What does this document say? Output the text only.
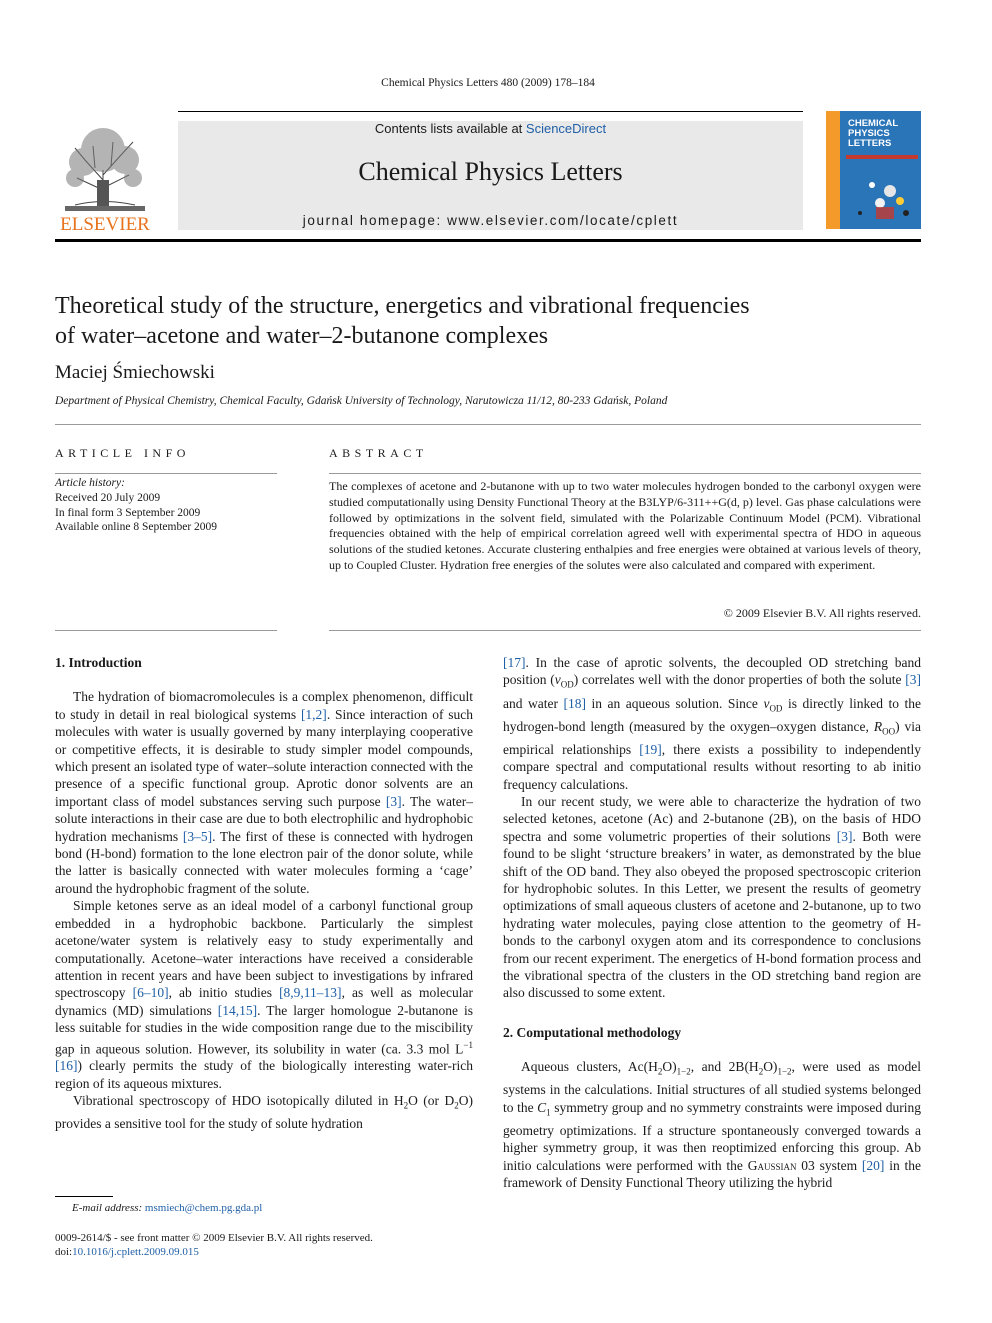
Chemical Physics Letters 480 (2009) 178–184
ELSEVIER
Contents lists available at ScienceDirect
Chemical Physics Letters
journal homepage: www.elsevier.com/locate/cplett
CHEMICAL
PHYSICS
LETTERS
Theoretical study of the structure, energetics and vibrational frequencies
of water–acetone and water–2-butanone complexes
Maciej Śmiechowski
Department of Physical Chemistry, Chemical Faculty, Gdańsk University of Technology, Narutowicza 11/12, 80-233 Gdańsk, Poland
ARTICLE INFO
Article history:
Received 20 July 2009
In final form 3 September 2009
Available online 8 September 2009
ABSTRACT
The complexes of acetone and 2-butanone with up to two water molecules hydrogen bonded to the carbonyl oxygen were studied computationally using Density Functional Theory at the B3LYP/6-311++G(d, p) level. Gas phase calculations were followed by optimizations in the solvent field, simulated with the Polarizable Continuum Model (PCM). Vibrational frequencies obtained with the help of empirical correlation agreed well with experimental spectra of HDO in aqueous solutions of the studied ketones. Accurate clustering enthalpies and free energies were obtained at various levels of theory, up to Coupled Cluster. Hydration free energies of the solutes were also calculated and compared with experiment.
© 2009 Elsevier B.V. All rights reserved.
1. Introduction

The hydration of biomacromolecules is a complex phenomenon, difficult to study in detail in real biological systems [1,2]. Since interaction of such molecules with water is usually governed by many interplaying cooperative or competitive effects, it is desirable to study simpler model compounds, which present an isolated type of water–solute interaction connected with the presence of a specific functional group. Aprotic donor solvents are an important class of model substances serving such purpose [3]. The water–solute interactions in their case are due to both electrophilic and hydrophobic hydration mechanisms [3–5]. The first of these is connected with hydrogen bond (H-bond) formation to the lone electron pair of the donor solute, while the latter is basically connected with water molecules forming a ‘cage’ around the hydrophobic fragment of the solute.

Simple ketones serve as an ideal model of a carbonyl functional group embedded in a hydrophobic backbone. Particularly the simplest acetone/water system is relatively easy to study experimentally and computationally. Acetone–water interactions have received a considerable attention in recent years and have been subject to investigations by infrared spectroscopy [6–10], ab initio studies [8,9,11–13], as well as molecular dynamics (MD) simulations [14,15]. The larger homologue 2-butanone is less suitable for studies in the wide composition range due to the miscibility gap in aqueous solution. However, its solubility in water (ca. 3.3 mol $L^{-1}$ [16]) clearly permits the study of the biologically interesting water-rich region of its aqueous mixtures.

Vibrational spectroscopy of HDO isotopically diluted in $H_2O$ (or $D_2O$) provides a sensitive tool for the study of solute hydration

[17]. In the case of aprotic solvents, the decoupled OD stretching band position $(\nu_{OD})$ correlates well with the donor properties of both the solute [3] and water [18] in an aqueous solution. Since $\nu_{OD}$ is directly linked to the hydrogen-bond length (measured by the oxygen–oxygen distance, $R_{OO}$) via empirical relationships [19], there exists a possibility to independently compare spectral and computational results without resorting to ab initio frequency calculations.

In our recent study, we were able to characterize the hydration of two selected ketones, acetone (Ac) and 2-butanone (2B), on the basis of HDO spectra and some volumetric properties of their solutions [3]. Both were found to be slight ‘structure breakers’ in water, as demonstrated by the blue shift of the OD band. They also obeyed the proposed spectroscopic criterion for hydrophobic solutes. In this Letter, we present the results of geometry optimizations of small aqueous clusters of acetone and 2-butanone, up to two hydrating water molecules, paying close attention to the geometry of H-bonds to the carbonyl oxygen atom and its correspondence to conclusions from our recent experiment. The energetics of H-bond formation process and the vibrational spectra of the clusters in the OD stretching band region are also discussed to some extent.

2. Computational methodology

Aqueous clusters, $Ac(H_2O)_{1-2}$, and $2B(H_2O)_{1-2}$, were used as model systems in the calculations. Initial structures of all studied systems belonged to the $C_1$ symmetry group and no symmetry constraints were imposed during geometry optimizations. If a structure spontaneously converged towards a higher symmetry group, it was then reoptimized enforcing this group. Ab initio calculations were performed with the Gaussian 03 system [20] in the framework of Density Functional Theory utilizing the hybrid

E-mail address: msmiech@chem.pg.gda.pl
0009-2614/$ - see front matter © 2009 Elsevier B.V. All rights reserved.
doi:10.1016/j.cplett.2009.09.015
